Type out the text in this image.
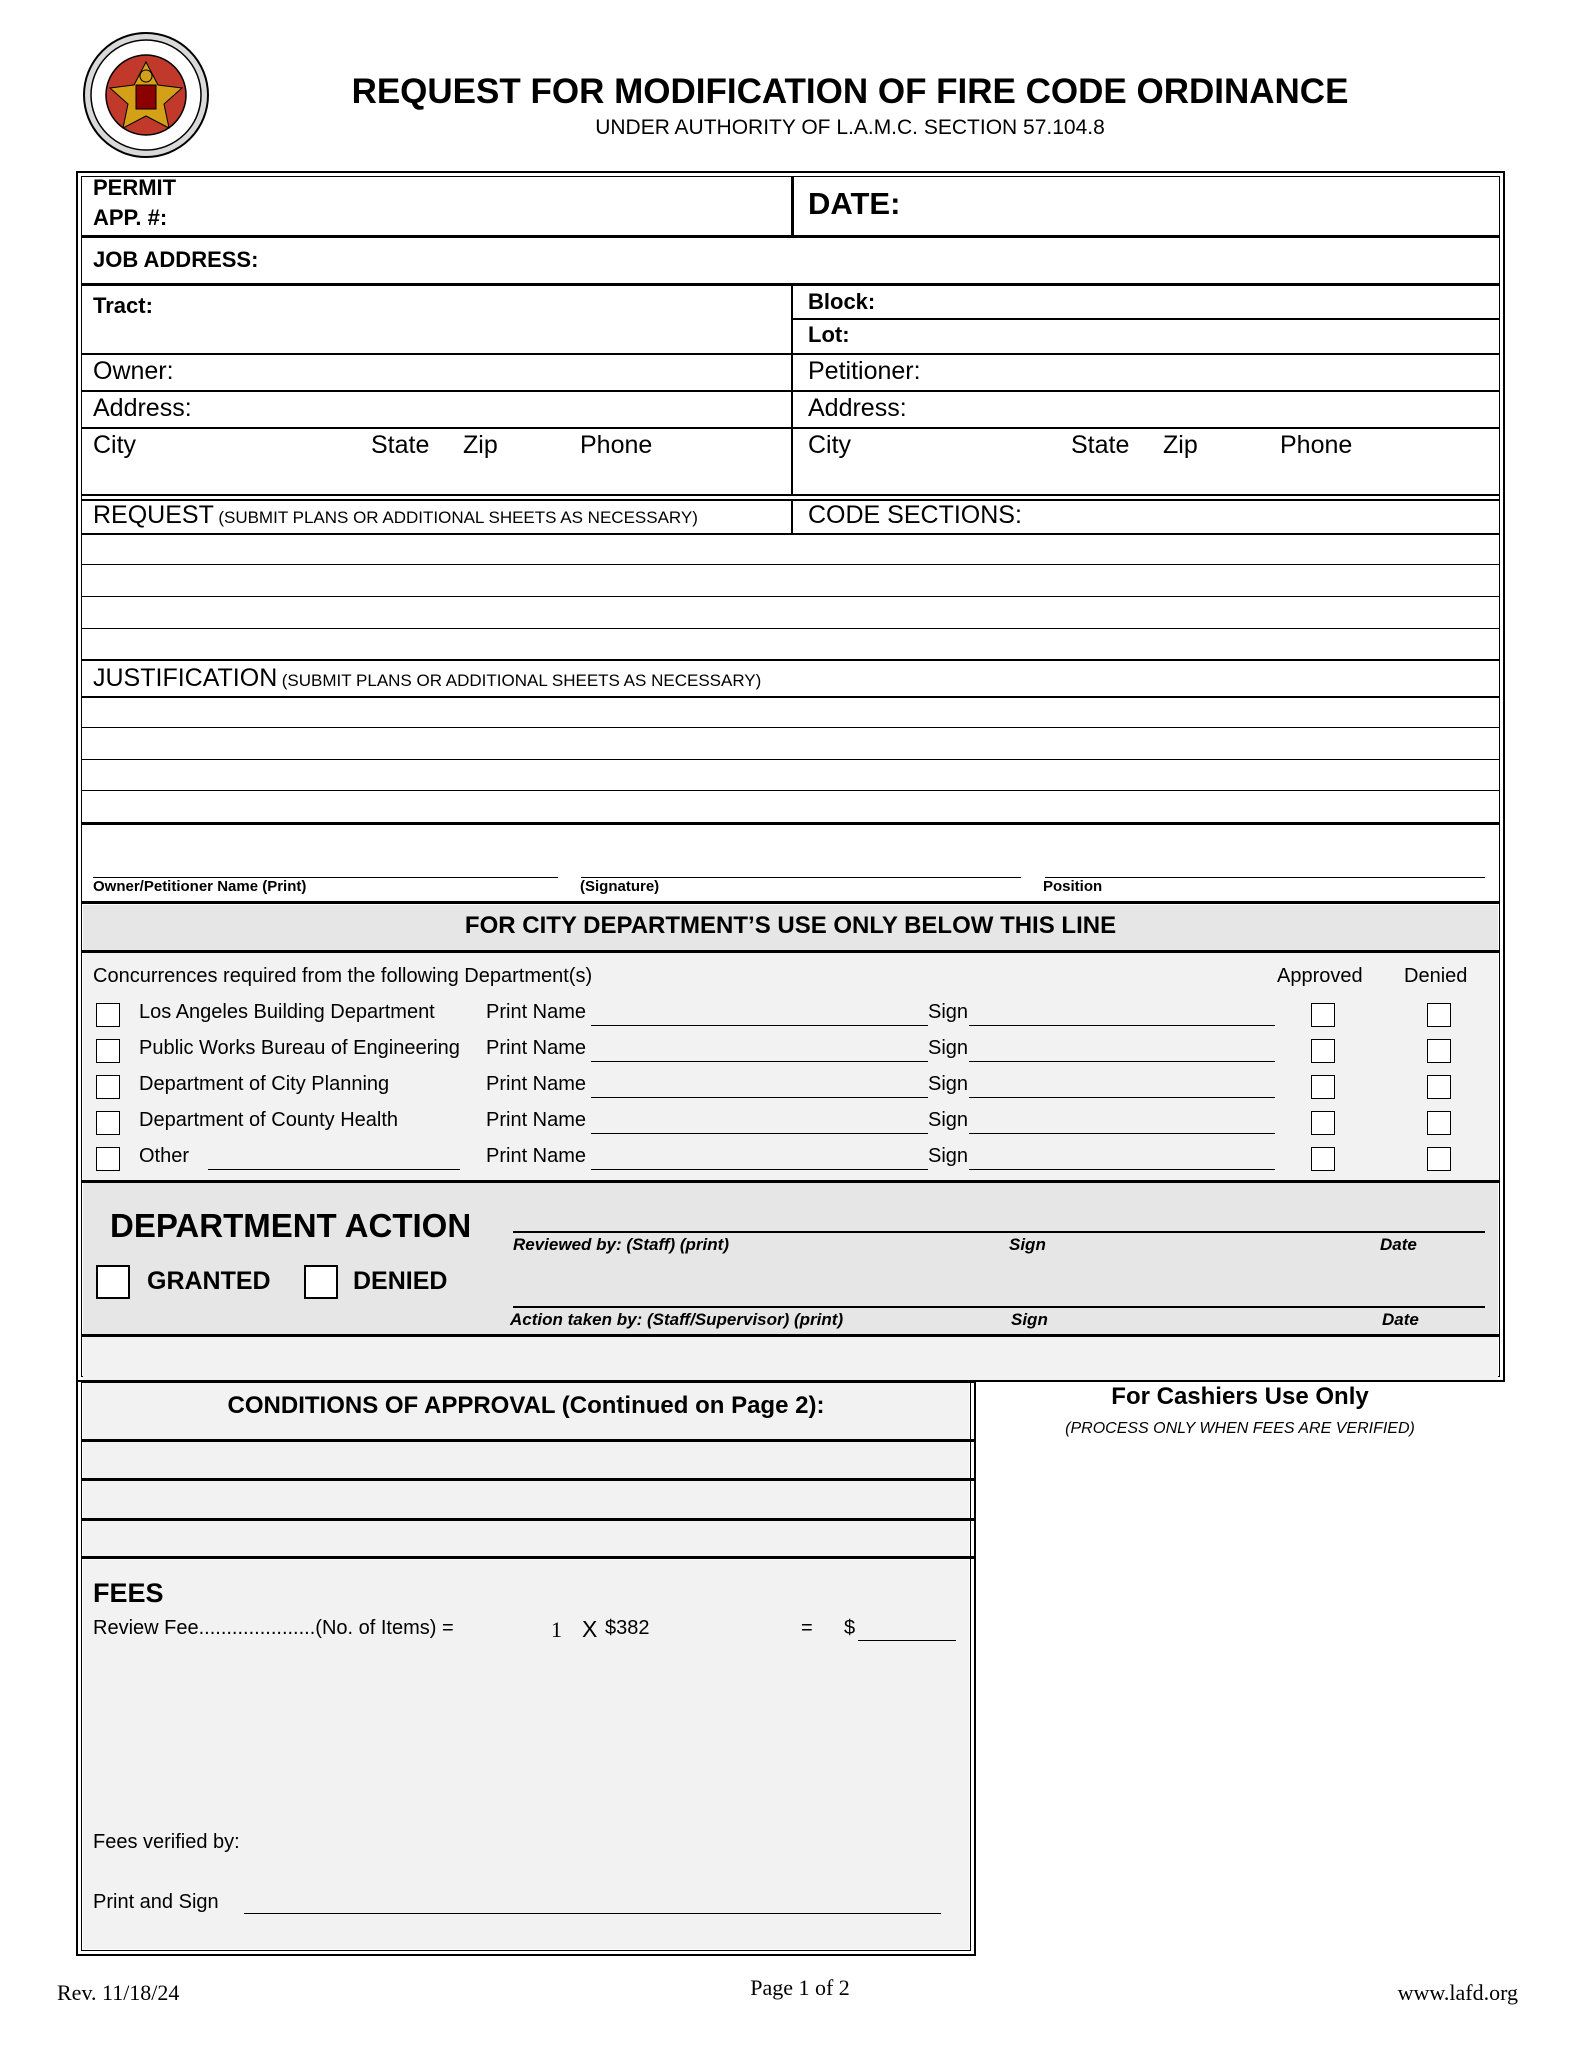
REQUEST FOR MODIFICATION OF FIRE CODE ORDINANCE
UNDER AUTHORITY OF L.A.M.C. SECTION 57.104.8
PERMIT
APP. #:	DATE:
JOB ADDRESS:
Tract:	Block:
Lot:
Owner:	Petitioner:
Address:	Address:
City	State Zip	Phone	City	State Zip	Phone
REQUEST (SUBMIT PLANS OR ADDITIONAL SHEETS AS NECESSARY)	CODE SECTIONS:
JUSTIFICATION (SUBMIT PLANS OR ADDITIONAL SHEETS AS NECESSARY)
Owner/Petitioner Name (Print)	(Signature)	Position
FOR CITY DEPARTMENT’S USE ONLY BELOW THIS LINE
Concurrences required from the following Department(s)	Approved Denied
Los Angeles Building Department	Print Name	Sign
Public Works Bureau of Engineering Print Name	Sign
Department of City Planning	Print Name	Sign
Department of County Health	Print Name	Sign
Other	Print Name	Sign
DEPARTMENT ACTION
GRANTED	DENIED
Reviewed by: (Staff) (print)	Sign	Date
Action taken by: (Staff/Supervisor) (print)	Sign	Date
CONDITIONS OF APPROVAL (Continued on Page 2):
FEES
Review Fee.....................(No. of Items) =	1 X $382	= $
Fees verified by:
Print and Sign
For Cashiers Use Only
(PROCESS ONLY WHEN FEES ARE VERIFIED)
Rev. 11/18/24	Page 1 of 2	www.lafd.org
